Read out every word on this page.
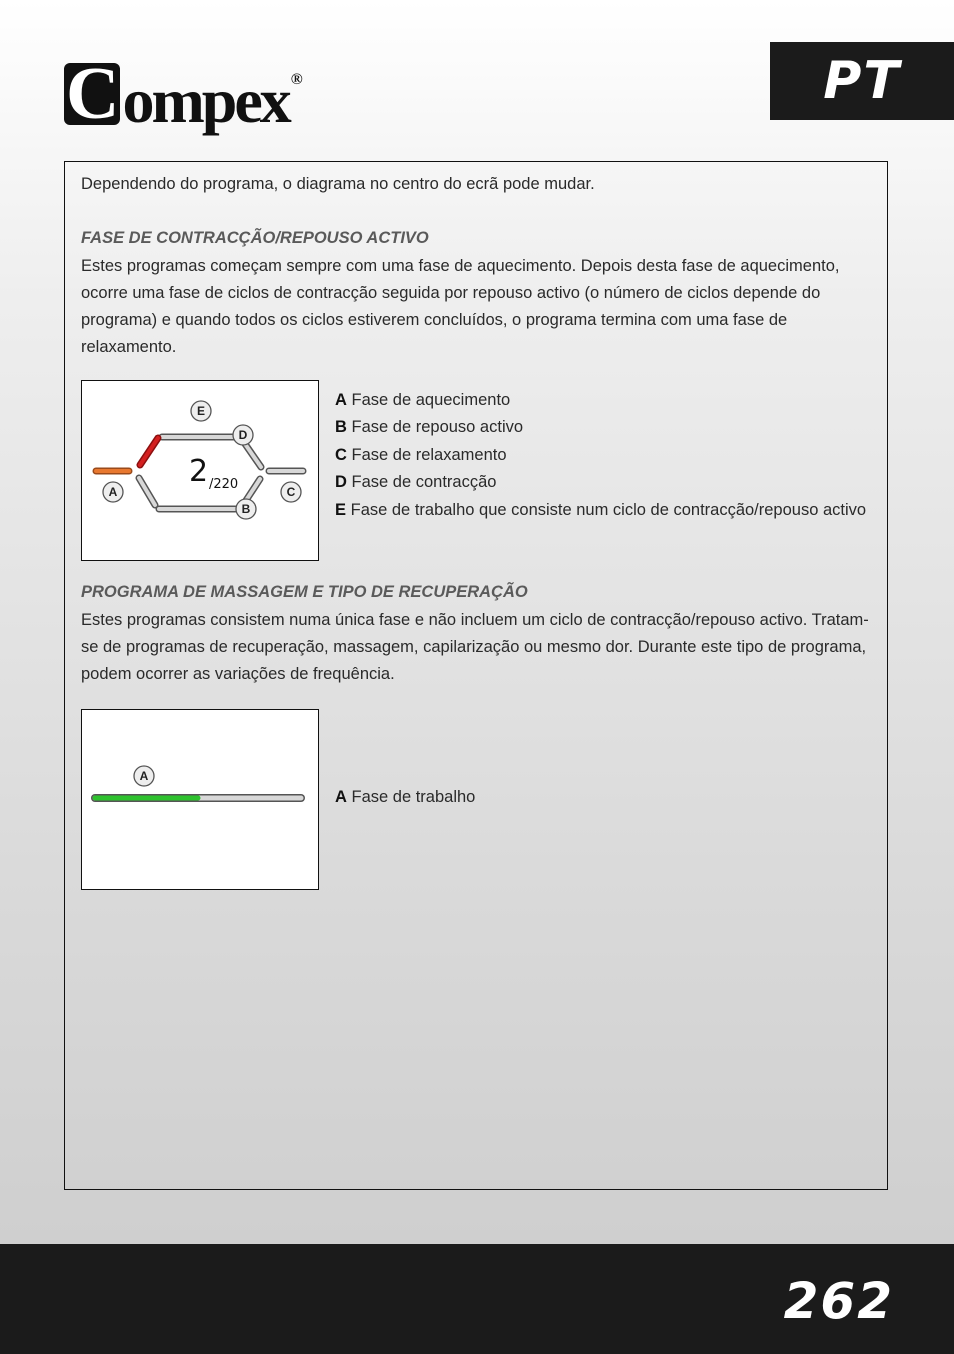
Compex ®	PT
Dependendo do programa, o diagrama no centro do ecrã pode mudar.
FASE DE CONTRACÇÃO/REPOUSO ACTIVO
Estes programas começam sempre com uma fase de aquecimento. Depois desta fase de aquecimento, ocorre uma fase de ciclos de contracção seguida por repouso activo (o número de ciclos depende do programa) e quando todos os ciclos estiverem concluídos, o programa termina com uma fase de relaxamento.
2 /220
E
D
A	C
B
A Fase de aquecimento
B Fase de repouso activo
C Fase de relaxamento
D Fase de contracção
E Fase de trabalho que consiste num ciclo de contracção/repouso activo
PROGRAMA DE MASSAGEM E TIPO DE RECUPERAÇÃO
Estes programas consistem numa única fase e não incluem um ciclo de contracção/repouso activo. Tratam-se de programas de recuperação, massagem, capilarização ou mesmo dor. Durante este tipo de programa, podem ocorrer as variações de frequência.
A
A Fase de trabalho
262
